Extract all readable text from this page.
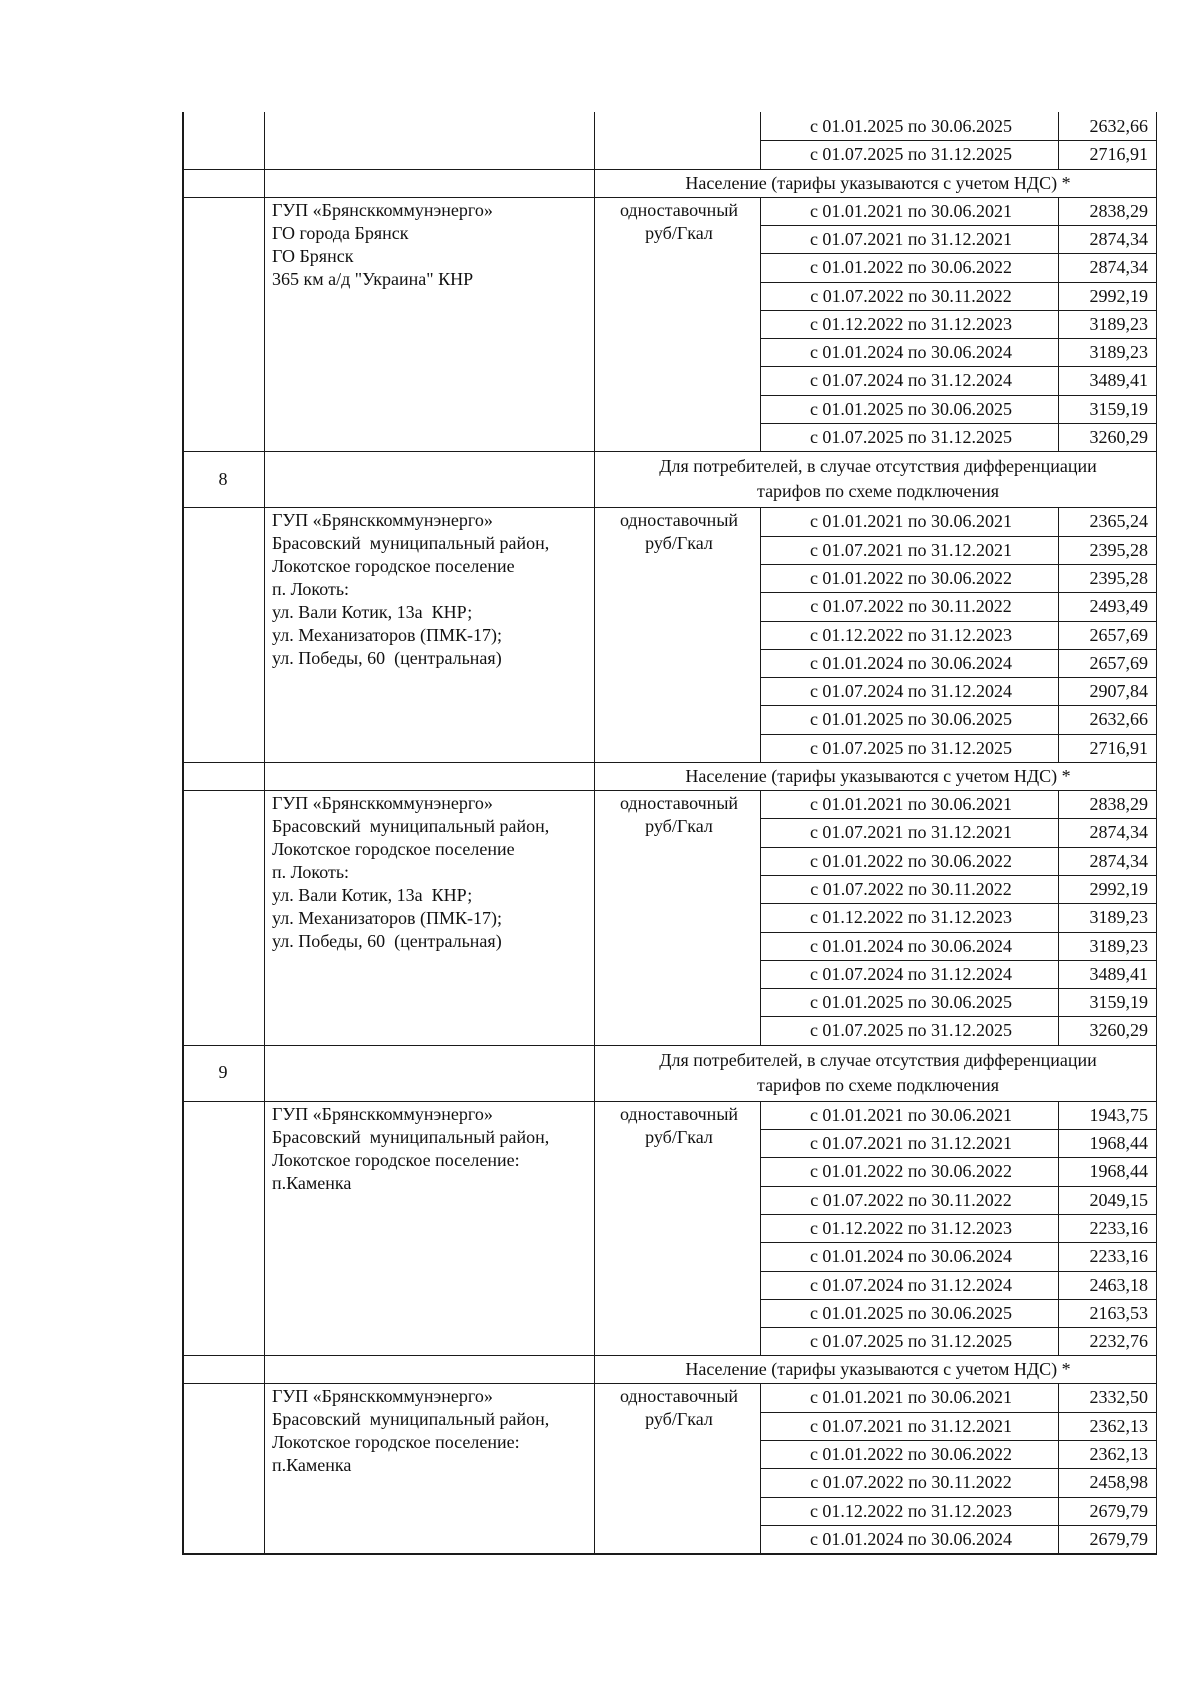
с 01.01.2025 по 30.06.2025	2632,66
с 01.07.2025 по 31.12.2025	2716,91
Население (тарифы указываются с учетом НДС) *
ГУП «Брянсккоммунэнерго»
ГО города Брянск
ГО Брянск
365 км а/д "Украина" КНР
одноставочный
руб/Гкал
с 01.01.2021 по 30.06.2021	2838,29
с 01.07.2021 по 31.12.2021	2874,34
с 01.01.2022 по 30.06.2022	2874,34
с 01.07.2022 по 30.11.2022	2992,19
с 01.12.2022 по 31.12.2023	3189,23
с 01.01.2024 по 30.06.2024	3189,23
с 01.07.2024 по 31.12.2024	3489,41
с 01.01.2025 по 30.06.2025	3159,19
с 01.07.2025 по 31.12.2025	3260,29
8
Для потребителей, в случае отсутствия дифференциации
тарифов по схеме подключения
ГУП «Брянсккоммунэнерго»
Брасовский  муниципальный район,
Локотское городское поселение
п. Локоть:
ул. Вали Котик, 13а  КНР;
ул. Механизаторов (ПМК-17);
ул. Победы, 60  (центральная)
одноставочный
руб/Гкал
с 01.01.2021 по 30.06.2021	2365,24
с 01.07.2021 по 31.12.2021	2395,28
с 01.01.2022 по 30.06.2022	2395,28
с 01.07.2022 по 30.11.2022	2493,49
с 01.12.2022 по 31.12.2023	2657,69
с 01.01.2024 по 30.06.2024	2657,69
с 01.07.2024 по 31.12.2024	2907,84
с 01.01.2025 по 30.06.2025	2632,66
с 01.07.2025 по 31.12.2025	2716,91
Население (тарифы указываются с учетом НДС) *
ГУП «Брянсккоммунэнерго»
Брасовский  муниципальный район,
Локотское городское поселение
п. Локоть:
ул. Вали Котик, 13а  КНР;
ул. Механизаторов (ПМК-17);
ул. Победы, 60  (центральная)
одноставочный
руб/Гкал
с 01.01.2021 по 30.06.2021	2838,29
с 01.07.2021 по 31.12.2021	2874,34
с 01.01.2022 по 30.06.2022	2874,34
с 01.07.2022 по 30.11.2022	2992,19
с 01.12.2022 по 31.12.2023	3189,23
с 01.01.2024 по 30.06.2024	3189,23
с 01.07.2024 по 31.12.2024	3489,41
с 01.01.2025 по 30.06.2025	3159,19
с 01.07.2025 по 31.12.2025	3260,29
9
Для потребителей, в случае отсутствия дифференциации
тарифов по схеме подключения
ГУП «Брянсккоммунэнерго»
Брасовский  муниципальный район,
Локотское городское поселение:
п.Каменка
одноставочный
руб/Гкал
с 01.01.2021 по 30.06.2021	1943,75
с 01.07.2021 по 31.12.2021	1968,44
с 01.01.2022 по 30.06.2022	1968,44
с 01.07.2022 по 30.11.2022	2049,15
с 01.12.2022 по 31.12.2023	2233,16
с 01.01.2024 по 30.06.2024	2233,16
с 01.07.2024 по 31.12.2024	2463,18
с 01.01.2025 по 30.06.2025	2163,53
с 01.07.2025 по 31.12.2025	2232,76
Население (тарифы указываются с учетом НДС) *
ГУП «Брянсккоммунэнерго»
Брасовский  муниципальный район,
Локотское городское поселение:
п.Каменка
одноставочный
руб/Гкал
с 01.01.2021 по 30.06.2021	2332,50
с 01.07.2021 по 31.12.2021	2362,13
с 01.01.2022 по 30.06.2022	2362,13
с 01.07.2022 по 30.11.2022	2458,98
с 01.12.2022 по 31.12.2023	2679,79
с 01.01.2024 по 30.06.2024	2679,79
